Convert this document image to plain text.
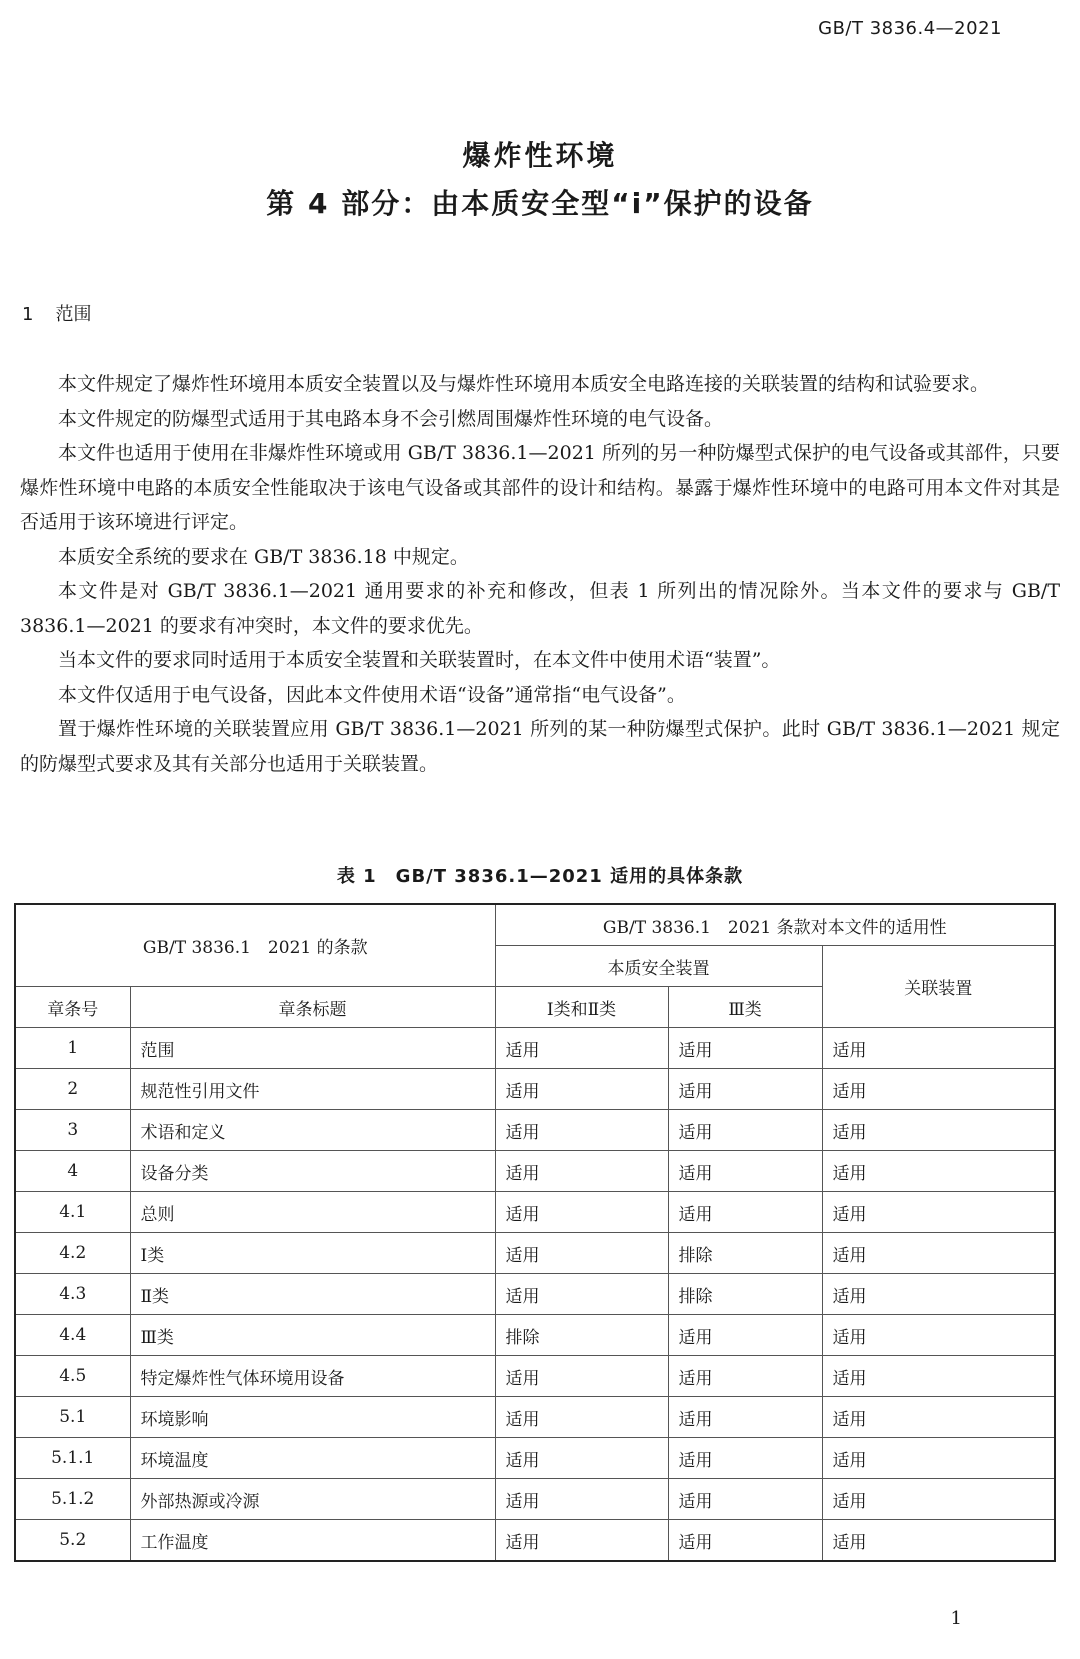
GB/T 3836.4—2021
爆炸性环境
第 4 部分：由本质安全型“i”保护的设备
1 范围

本文件规定了爆炸性环境用本质安全装置以及与爆炸性环境用本质安全电路连接的关联装置的结构和试验要求。

本文件规定的防爆型式适用于其电路本身不会引燃周围爆炸性环境的电气设备。

本文件也适用于使用在非爆炸性环境或用 GB/T 3836.1—2021 所列的另一种防爆型式保护的电气设备或其部件，只要爆炸性环境中电路的本质安全性能取决于该电气设备或其部件的设计和结构。暴露于爆炸性环境中的电路可用本文件对其是否适用于该环境进行评定。

本质安全系统的要求在 GB/T 3836.18 中规定。

本文件是对 GB/T 3836.1—2021 通用要求的补充和修改，但表 1 所列出的情况除外。当本文件的要求与 GB/T 3836.1—2021 的要求有冲突时，本文件的要求优先。

当本文件的要求同时适用于本质安全装置和关联装置时，在本文件中使用术语“装置”。

本文件仅适用于电气设备，因此本文件使用术语“设备”通常指“电气设备”。

置于爆炸性环境的关联装置应用 GB/T 3836.1—2021 所列的某一种防爆型式保护。此时 GB/T 3836.1—2021 规定的防爆型式要求及其有关部分也适用于关联装置。

表 1　GB/T 3836.1—2021 适用的具体条款
GB/T 3836.1　2021 的条款		GB/T 3836.1　2021 条款对本文件的适用性		
		本质安全装置		关联装置
章条号	章条标题	Ⅰ类和Ⅱ类	Ⅲ类	
1	范围	适用	适用	适用
2	规范性引用文件	适用	适用	适用
3	术语和定义	适用	适用	适用
4	设备分类	适用	适用	适用
4.1	总则	适用	适用	适用
4.2	Ⅰ类	适用	排除	适用
4.3	Ⅱ类	适用	排除	适用
4.4	Ⅲ类	排除	适用	适用
4.5	特定爆炸性气体环境用设备	适用	适用	适用
5.1	环境影响	适用	适用	适用
5.1.1	环境温度	适用	适用	适用
5.1.2	外部热源或冷源	适用	适用	适用
5.2	工作温度	适用	适用	适用
1
